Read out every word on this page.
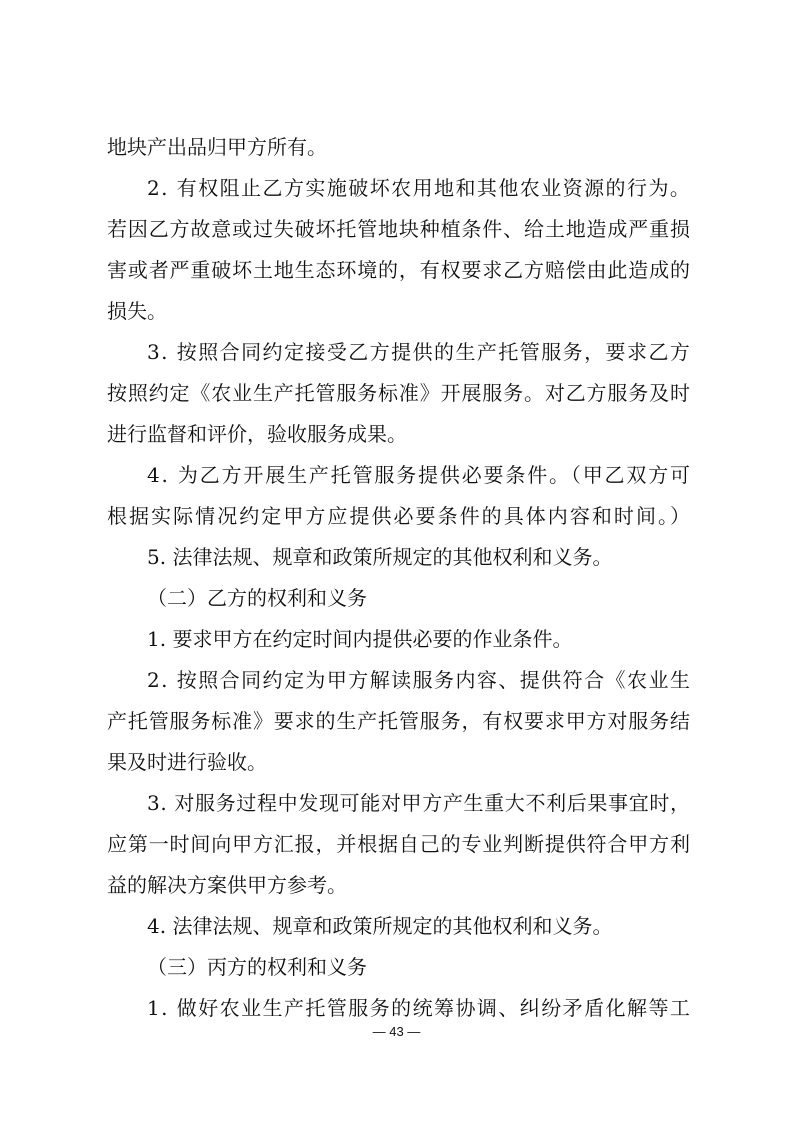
地块产出品归甲方所有。
2. 有权阻止乙方实施破坏农用地和其他农业资源的行为。
若因乙方故意或过失破坏托管地块种植条件、给土地造成严重损
害或者严重破坏土地生态环境的，有权要求乙方赔偿由此造成的
损失。
3. 按照合同约定接受乙方提供的生产托管服务，要求乙方
按照约定《农业生产托管服务标准》开展服务。对乙方服务及时
进行监督和评价，验收服务成果。
4. 为乙方开展生产托管服务提供必要条件。（甲乙双方可
根据实际情况约定甲方应提供必要条件的具体内容和时间。）
5. 法律法规、规章和政策所规定的其他权利和义务。
（二）乙方的权利和义务
1. 要求甲方在约定时间内提供必要的作业条件。
2. 按照合同约定为甲方解读服务内容、提供符合《农业生
产托管服务标准》要求的生产托管服务，有权要求甲方对服务结
果及时进行验收。
3. 对服务过程中发现可能对甲方产生重大不利后果事宜时，
应第一时间向甲方汇报，并根据自己的专业判断提供符合甲方利
益的解决方案供甲方参考。
4. 法律法规、规章和政策所规定的其他权利和义务。
（三）丙方的权利和义务
1. 做好农业生产托管服务的统筹协调、纠纷矛盾化解等工
— 43 —
